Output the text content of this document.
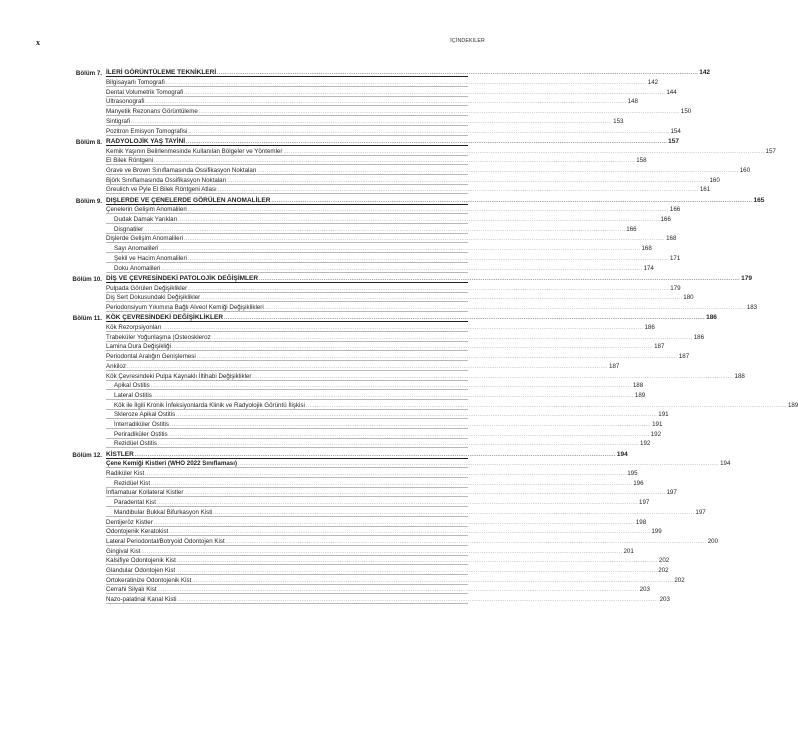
x	İÇİNDEKİLER
Bölüm 7. İLERİ GÖRÜNTÜLEME TEKNİKLERİ .................................................................................................................................................................................................................................................................... 142
Bilgisayarlı Tomografi .................................................................................................................................................................................................................................................................... 142
Dental Volumetrik Tomografi .................................................................................................................................................................................................................................................................... 144
Ultrasonografi .................................................................................................................................................................................................................................................................... 148
Manyetik Rezonans Görüntüleme .................................................................................................................................................................................................................................................................... 150
Sintigrafi .................................................................................................................................................................................................................................................................... 153
Pozitron Emisyon Tomografisi .................................................................................................................................................................................................................................................................... 154
Bölüm 8. RADYOLOJİK YAŞ TAYİNİ .................................................................................................................................................................................................................................................................... 157
Kemik Yaşının Belirlenmesinde Kullanılan Bölgeler ve Yöntemler .................................................................................................................................................................................................................................................................... 157
El Bilek Röntgeni .................................................................................................................................................................................................................................................................... 158
Grave ve Brown Sınıflamasında Ossifikasyon Noktaları .................................................................................................................................................................................................................................................................... 160
Björk Sınıflamasında Ossifikasyon Noktaları .................................................................................................................................................................................................................................................................... 160
Greulich ve Pyle El Bilek Röntgeni Atlası .................................................................................................................................................................................................................................................................... 161
Bölüm 9. DIŞLERDE VE ÇENELERDE GÖRÜLEN ANOMALİLER .................................................................................................................................................................................................................................................................... 165
Çenelerin Gelişim Anomalileri .................................................................................................................................................................................................................................................................... 166
Dudak Damak Yarıkları .................................................................................................................................................................................................................................................................... 166
Disgnatiler .................................................................................................................................................................................................................................................................... 166
Dişlerde Gelişim Anomalileri .................................................................................................................................................................................................................................................................... 168
Sayı Anomalileri .................................................................................................................................................................................................................................................................... 168
Şekil ve Hacim Anomalileri .................................................................................................................................................................................................................................................................... 171
Doku Anomalileri .................................................................................................................................................................................................................................................................... 174
Bölüm 10. DİŞ VE ÇEVRESİNDEKİ PATOLOJİK DEĞİŞİMLER .................................................................................................................................................................................................................................................................... 179
Pulpada Görülen Değişiklikler .................................................................................................................................................................................................................................................................... 179
Diş Sert Dokusundaki Değişiklikler .................................................................................................................................................................................................................................................................... 180
Periodonsiyum Yıkımına Bağlı Alveol Kemiği Değişiklikleri .................................................................................................................................................................................................................................................................... 183
Bölüm 11. KÖK ÇEVRESİNDEKİ DEĞİŞİKLİKLER .................................................................................................................................................................................................................................................................... 186
Kök Rezorpsiyonları .................................................................................................................................................................................................................................................................... 186
Trabeküler Yoğunlaşma (Osteoskleroz .................................................................................................................................................................................................................................................................... 186
Lamina Dura Değişikliği .................................................................................................................................................................................................................................................................... 187
Periodontal Aralığın Genişlemesi .................................................................................................................................................................................................................................................................... 187
Ankiloz .................................................................................................................................................................................................................................................................... 187
Kök Çevresindeki Pulpa Kaynaklı İltihabi Değişiklikler .................................................................................................................................................................................................................................................................... 188
Apikal Ostitis .................................................................................................................................................................................................................................................................... 188
Lateral Ostitis .................................................................................................................................................................................................................................................................... 189
Kök ile İlgili Kronik İnfeksiyonlarda Klinik ve Radyolojik Görüntü İlişkisi .................................................................................................................................................................................................................................................................... 189
Skleroze Apikal Ostitis .................................................................................................................................................................................................................................................................... 191
İnterradiküler Ostitis .................................................................................................................................................................................................................................................................... 191
Periradiküler Ostitis .................................................................................................................................................................................................................................................................... 192
Rezidüel Ostitis .................................................................................................................................................................................................................................................................... 192
Bölüm 12. KİSTLER .................................................................................................................................................................................................................................................................... 194
Çene Kemiği Kistleri (WHO 2022 Sınıflaması) .................................................................................................................................................................................................................................................................... 194
Radiküler Kist .................................................................................................................................................................................................................................................................... 195
Rezidüel Kist .................................................................................................................................................................................................................................................................... 196
İnflamatuar Kollateral Kistler .................................................................................................................................................................................................................................................................... 197
Paradental Kist .................................................................................................................................................................................................................................................................... 197
Mandibular Bukkal Bifurkasyon Kisti .................................................................................................................................................................................................................................................................... 197
Dentijeröz Kistler .................................................................................................................................................................................................................................................................... 198
Odontojenik Keratokist .................................................................................................................................................................................................................................................................... 199
Lateral Periodontal/Botryoid Odontojen Kist .................................................................................................................................................................................................................................................................... 200
Gingival Kist .................................................................................................................................................................................................................................................................... 201
Kalsifiye Odontojenik Kist .................................................................................................................................................................................................................................................................... 202
Glandular Odontojen Kist .................................................................................................................................................................................................................................................................... 202
Ortokeratinize Odontojenik Kist .................................................................................................................................................................................................................................................................... 202
Cerrahi Silyalı Kist .................................................................................................................................................................................................................................................................... 203
Nazo-palatinal Kanal Kisti .................................................................................................................................................................................................................................................................... 203
